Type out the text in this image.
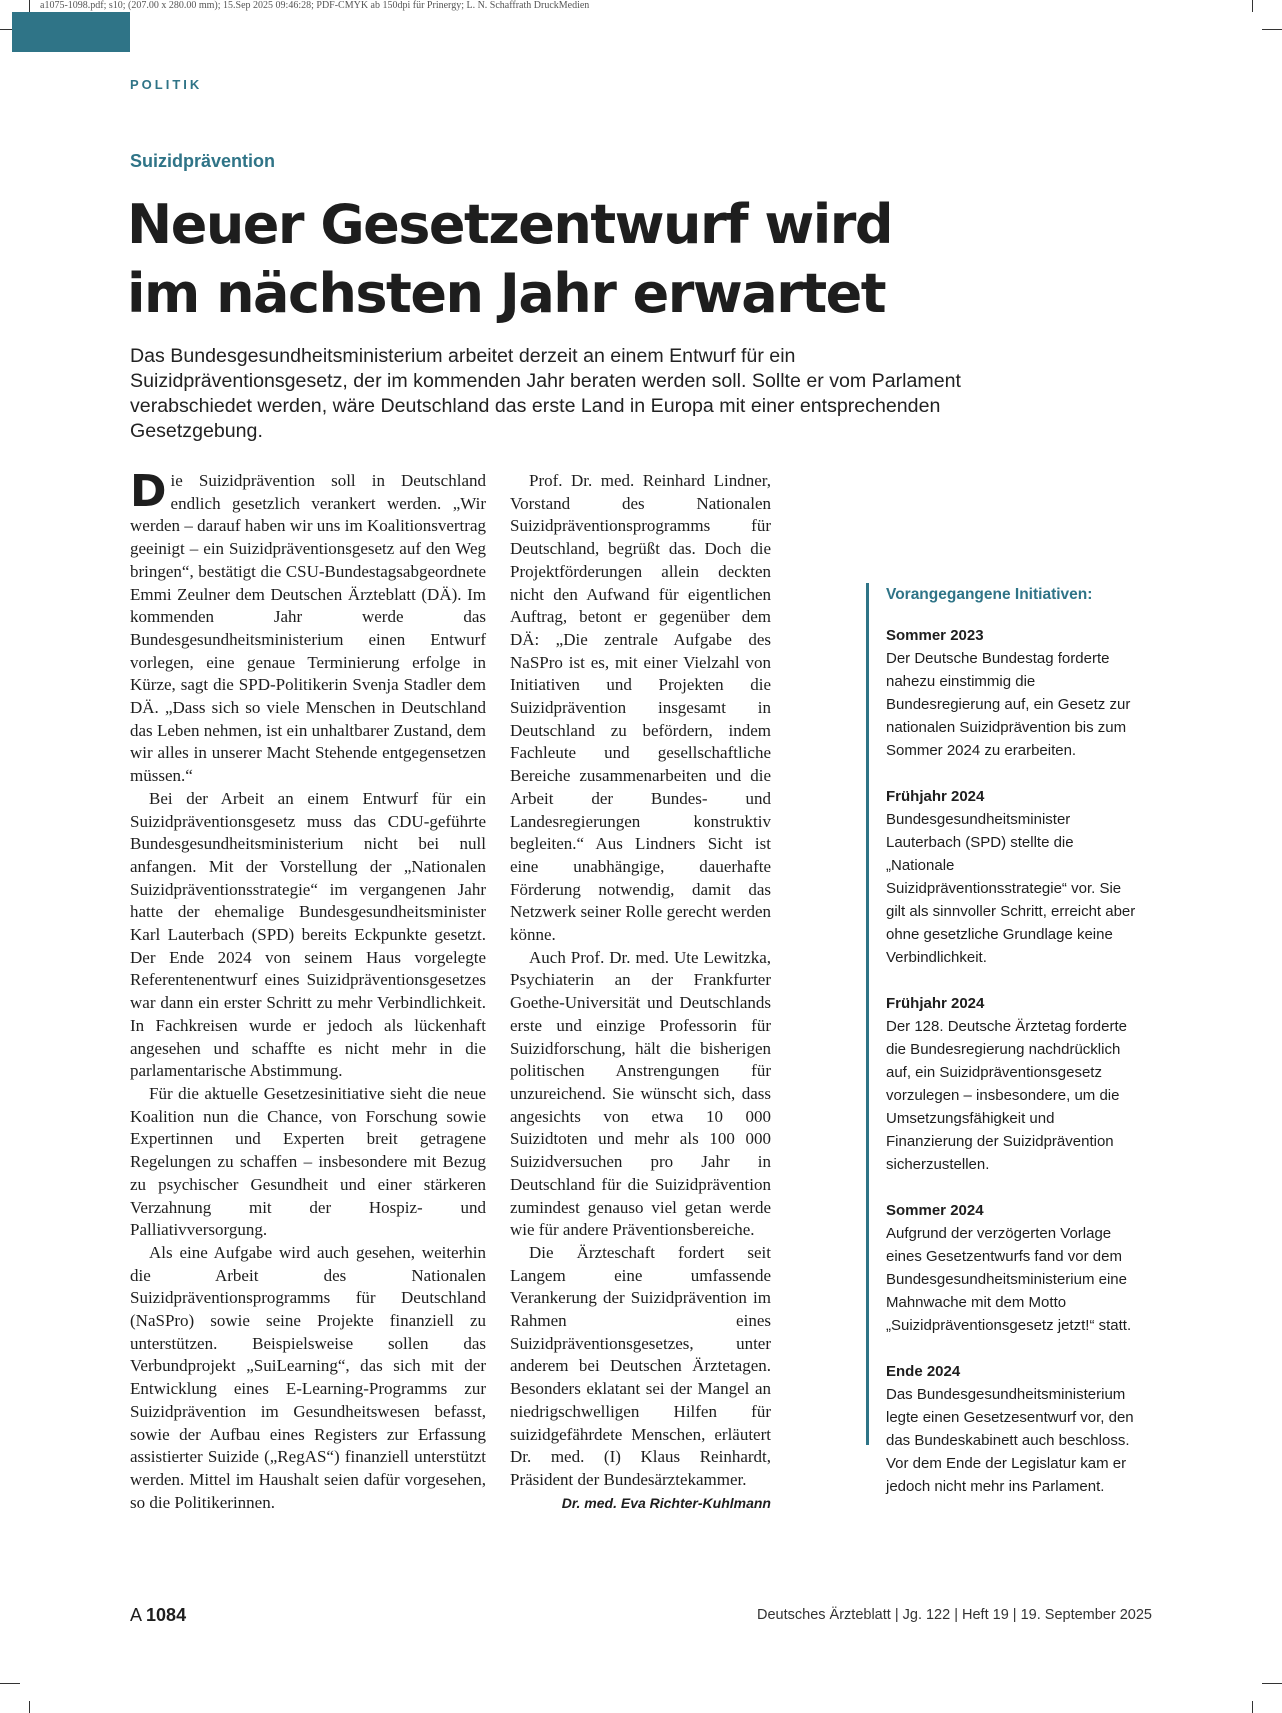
a1075-1098.pdf; s10; (207.00 x 280.00 mm); 15.Sep 2025 09:46:28; PDF-CMYK ab 150dpi für Prinergy; L. N. Schaffrath DruckMedien
POLITIK
Suizidprävention
Neuer Gesetzentwurf wird
im nächsten Jahr erwartet

Das Bundesgesundheitsministerium arbeitet derzeit an einem Entwurf für ein Suizidpräventionsgesetz, der im kommenden Jahr beraten werden soll. Sollte er vom Parlament verabschiedet werden, wäre Deutschland das erste Land in Europa mit einer entsprechenden Gesetzgebung.

Die Suizidprävention soll in Deutschland endlich gesetzlich verankert werden. „Wir werden – darauf haben wir uns im Koalitionsvertrag geeinigt – ein Suizidpräventionsgesetz auf den Weg bringen“, bestätigt die CSU-Bundestagsabgeordnete Emmi Zeulner dem Deutschen Ärzteblatt (DÄ). Im kommenden Jahr werde das Bundesgesundheitsministerium einen Entwurf vorlegen, eine genaue Terminierung erfolge in Kürze, sagt die SPD-Politikerin Svenja Stadler dem DÄ. „Dass sich so viele Menschen in Deutschland das Leben nehmen, ist ein unhaltbarer Zustand, dem wir alles in unserer Macht Stehende entgegensetzen müssen.“

Bei der Arbeit an einem Entwurf für ein Suizidpräventionsgesetz muss das CDU-geführte Bundesgesundheitsministerium nicht bei null anfangen. Mit der Vorstellung der „Nationalen Suizidpräventionsstrategie“ im vergangenen Jahr hatte der ehemalige Bundesgesundheitsminister Karl Lauterbach (SPD) bereits Eckpunkte gesetzt. Der Ende 2024 von seinem Haus vorgelegte Referentenentwurf eines Suizidpräventionsgesetzes war dann ein erster Schritt zu mehr Verbindlichkeit. In Fachkreisen wurde er jedoch als lückenhaft angesehen und schaffte es nicht mehr in die parlamentarische Abstimmung.

Für die aktuelle Gesetzesinitiative sieht die neue Koalition nun die Chance, von Forschung sowie Expertinnen und Experten breit getragene Regelungen zu schaffen – insbesondere mit Bezug zu psychischer Gesundheit und einer stärkeren Verzahnung mit der Hospiz- und Palliativversorgung.

Als eine Aufgabe wird auch gesehen, weiterhin die Arbeit des Nationalen Suizidpräventionsprogramms für Deutschland (NaSPro) sowie seine Projekte finanziell zu unterstützen. Beispielsweise sollen das Verbundprojekt „SuiLearning“, das sich mit der Entwicklung eines E-Learning-Programms zur Suizidprävention im Gesundheitswesen befasst, sowie der Aufbau eines Registers zur Erfassung assistierter Suizide („RegAS“) finanziell unterstützt werden. Mittel im Haushalt seien dafür vorgesehen, so die Politikerinnen.

Prof. Dr. med. Reinhard Lindner, Vorstand des Nationalen Suizidpräventionsprogramms für Deutschland, begrüßt das. Doch die Projektförderungen allein deckten nicht den Aufwand für eigentlichen Auftrag, betont er gegenüber dem DÄ: „Die zentrale Aufgabe des NaSPro ist es, mit einer Vielzahl von Initiativen und Projekten die Suizidprävention insgesamt in Deutschland zu befördern, indem Fachleute und gesellschaftliche Bereiche zusammenarbeiten und die Arbeit der Bundes- und Landesregierungen konstruktiv begleiten.“ Aus Lindners Sicht ist eine unabhängige, dauerhafte Förderung notwendig, damit das Netzwerk seiner Rolle gerecht werden könne.

Auch Prof. Dr. med. Ute Lewitzka, Psychiaterin an der Frankfurter Goethe-Universität und Deutschlands erste und einzige Professorin für Suizidforschung, hält die bisherigen politischen Anstrengungen für unzureichend. Sie wünscht sich, dass angesichts von etwa 10 000 Suizidtoten und mehr als 100 000 Suizidversuchen pro Jahr in Deutschland für die Suizidprävention zumindest genauso viel getan werde wie für andere Präventionsbereiche.

Die Ärzteschaft fordert seit Langem eine umfassende Verankerung der Suizidprävention im Rahmen eines Suizidpräventionsgesetzes, unter anderem bei Deutschen Ärztetagen. Besonders eklatant sei der Mangel an niedrigschwelligen Hilfen für suizidgefährdete Menschen, erläutert Dr. med. (I) Klaus Reinhardt, Präsident der Bundesärztekammer.
Dr. med. Eva Richter-Kuhlmann

Vorangegangene Initiativen:
Sommer 2023
Der Deutsche Bundestag forderte nahezu einstimmig die Bundesregierung auf, ein Gesetz zur nationalen Suizidprävention bis zum Sommer 2024 zu erarbeiten.
Frühjahr 2024
Bundesgesundheitsminister Lauterbach (SPD) stellte die „Nationale Suizidpräventionsstrategie“ vor. Sie gilt als sinnvoller Schritt, erreicht aber ohne gesetzliche Grundlage keine Verbindlichkeit.
Frühjahr 2024
Der 128. Deutsche Ärztetag forderte die Bundesregierung nachdrücklich auf, ein Suizidpräventionsgesetz vorzulegen – insbesondere, um die Umsetzungsfähigkeit und Finanzierung der Suizidprävention sicherzustellen.
Sommer 2024
Aufgrund der verzögerten Vorlage eines Gesetzentwurfs fand vor dem Bundesgesundheitsministerium eine Mahnwache mit dem Motto „Suizidpräventionsgesetz jetzt!“ statt.
Ende 2024
Das Bundesgesundheitsministerium legte einen Gesetzesentwurf vor, den das Bundeskabinett auch beschloss. Vor dem Ende der Legislatur kam er jedoch nicht mehr ins Parlament.
A 1084	Deutsches Ärzteblatt | Jg. 122 | Heft 19 | 19. September 2025
